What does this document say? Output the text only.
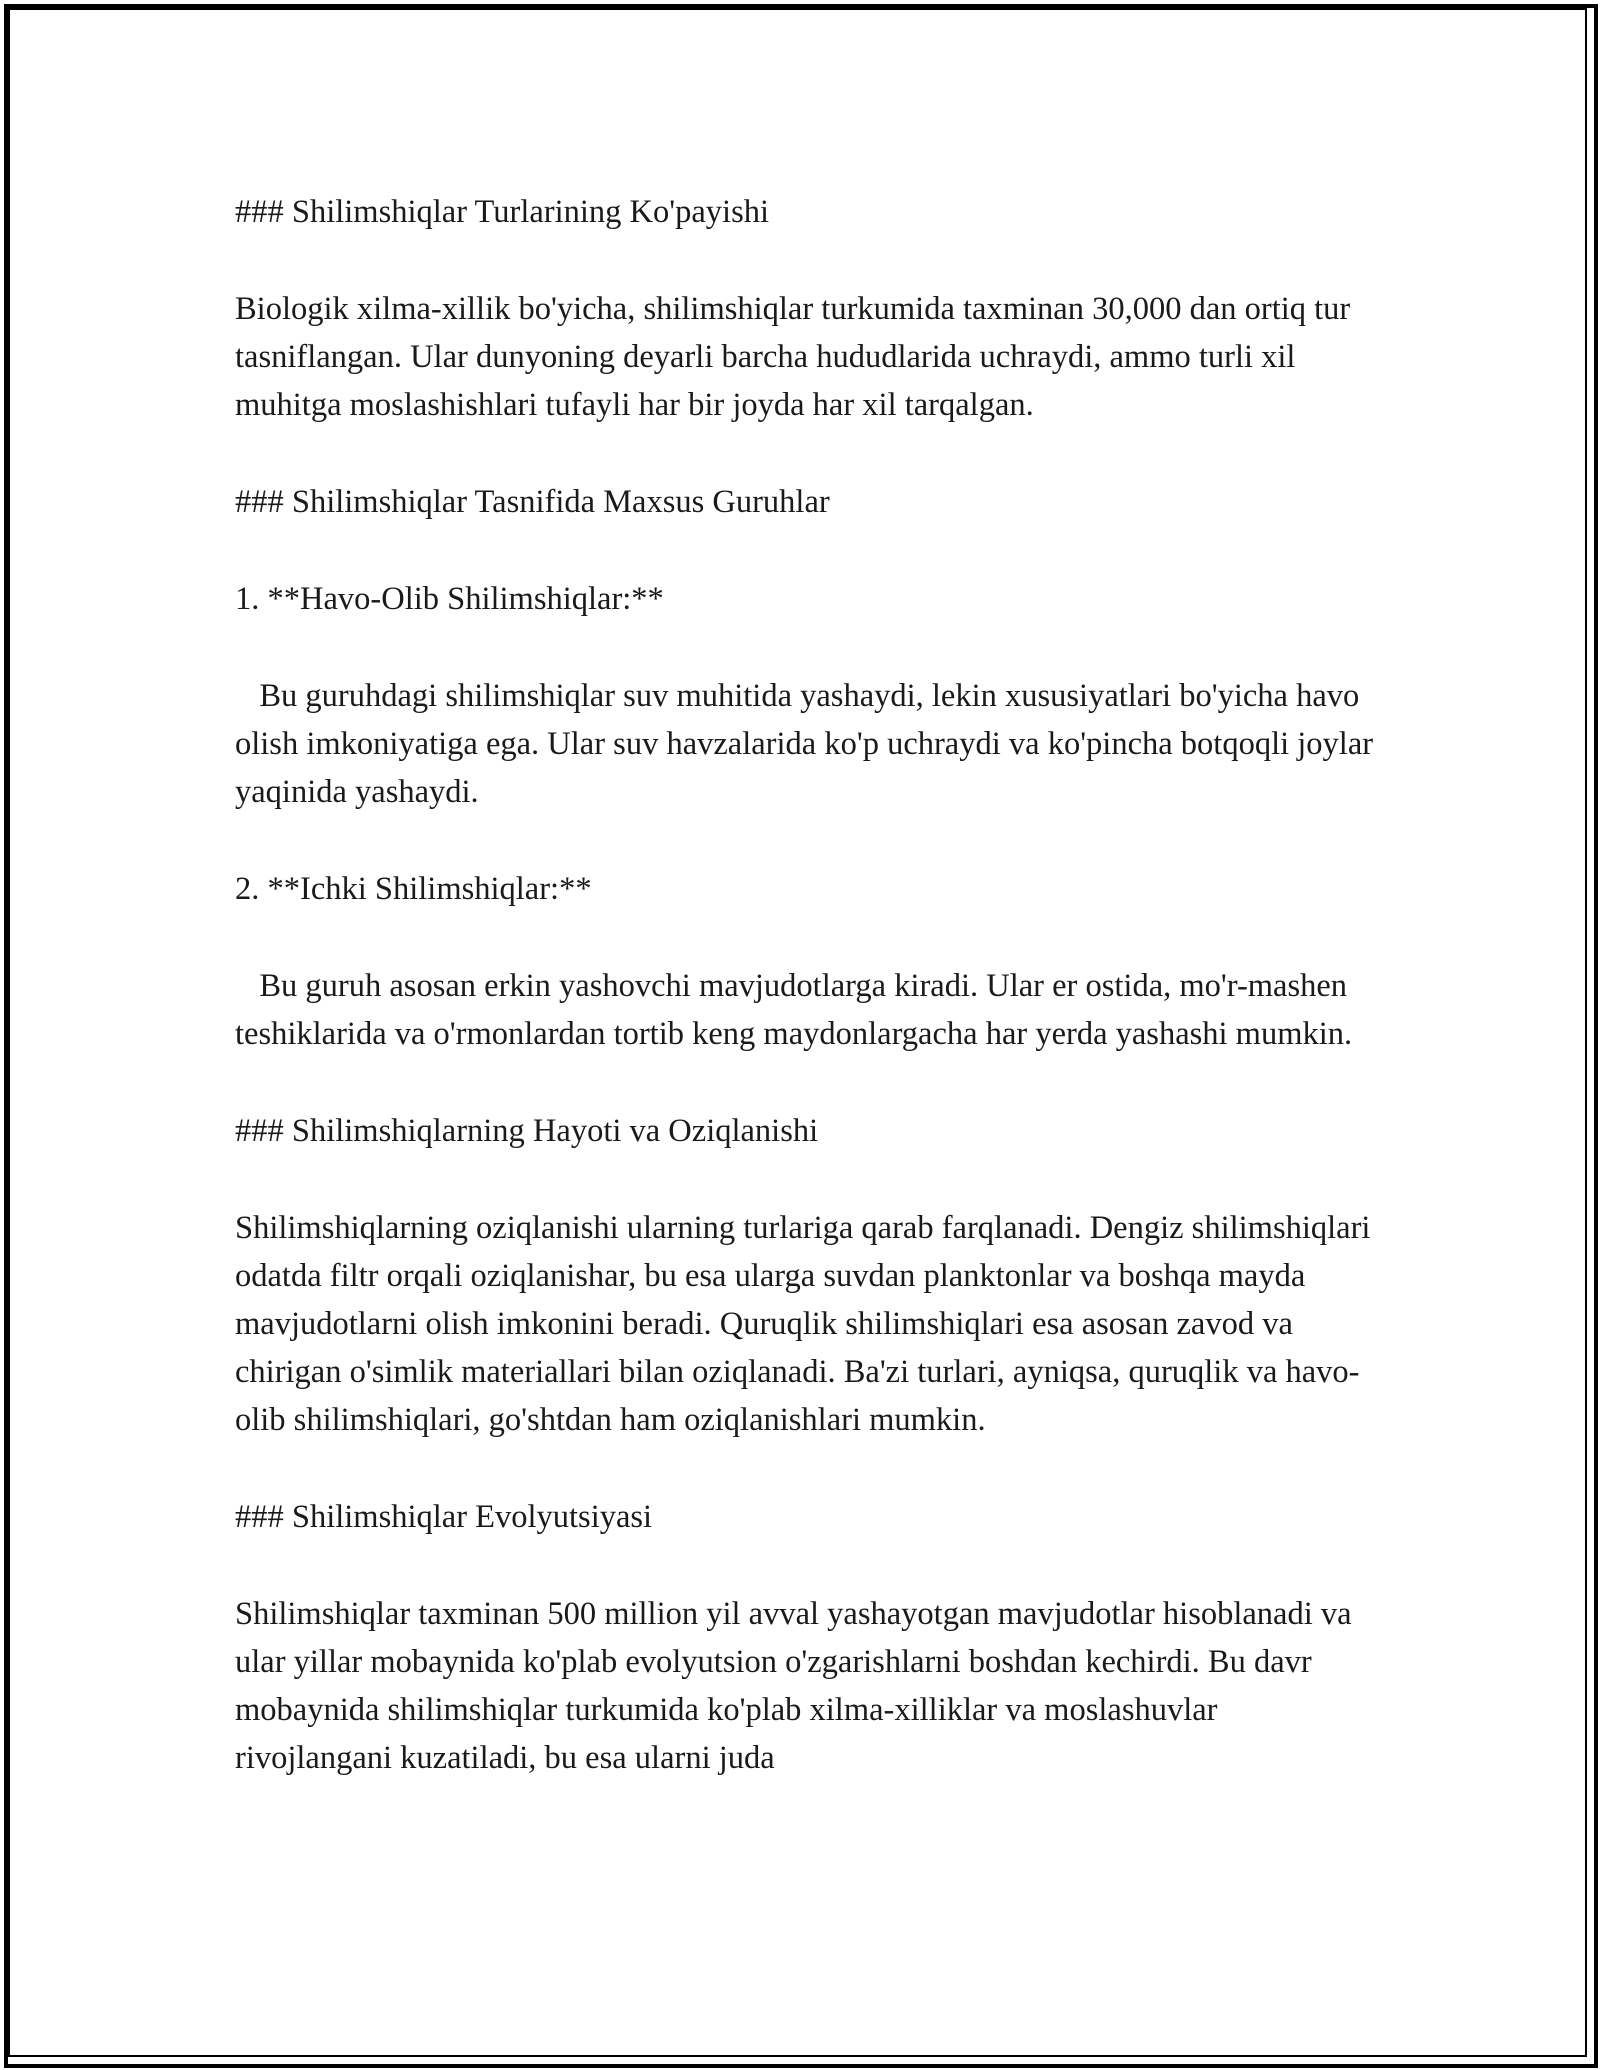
### Shilimshiqlar Turlarining Ko'payishi

Biologik xilma-xillik bo'yicha, shilimshiqlar turkumida taxminan 30,000 dan ortiq tur tasniflangan. Ular dunyoning deyarli barcha hududlarida uchraydi, ammo turli xil muhitga moslashishlari tufayli har bir joyda har xil tarqalgan.

### Shilimshiqlar Tasnifida Maxsus Guruhlar

1. **Havo-Olib Shilimshiqlar:**

Bu guruhdagi shilimshiqlar suv muhitida yashaydi, lekin xususiyatlari bo'yicha havo olish imkoniyatiga ega. Ular suv havzalarida ko'p uchraydi va ko'pincha botqoqli joylar yaqinida yashaydi.

2. **Ichki Shilimshiqlar:**

Bu guruh asosan erkin yashovchi mavjudotlarga kiradi. Ular er ostida, mo'r-mashen teshiklarida va o'rmonlardan tortib keng maydonlargacha har yerda yashashi mumkin.

### Shilimshiqlarning Hayoti va Oziqlanishi

Shilimshiqlarning oziqlanishi ularning turlariga qarab farqlanadi. Dengiz shilimshiqlari odatda filtr orqali oziqlanishar, bu esa ularga suvdan planktonlar va boshqa mayda mavjudotlarni olish imkonini beradi. Quruqlik shilimshiqlari esa asosan zavod va chirigan o'simlik materiallari bilan oziqlanadi. Ba'zi turlari, ayniqsa, quruqlik va havo-olib shilimshiqlari, go'shtdan ham oziqlanishlari mumkin.

### Shilimshiqlar Evolyutsiyasi

Shilimshiqlar taxminan 500 million yil avval yashayotgan mavjudotlar hisoblanadi va ular yillar mobaynida ko'plab evolyutsion o'zgarishlarni boshdan kechirdi. Bu davr mobaynida shilimshiqlar turkumida ko'plab xilma-xilliklar va moslashuvlar rivojlangani kuzatiladi, bu esa ularni juda
